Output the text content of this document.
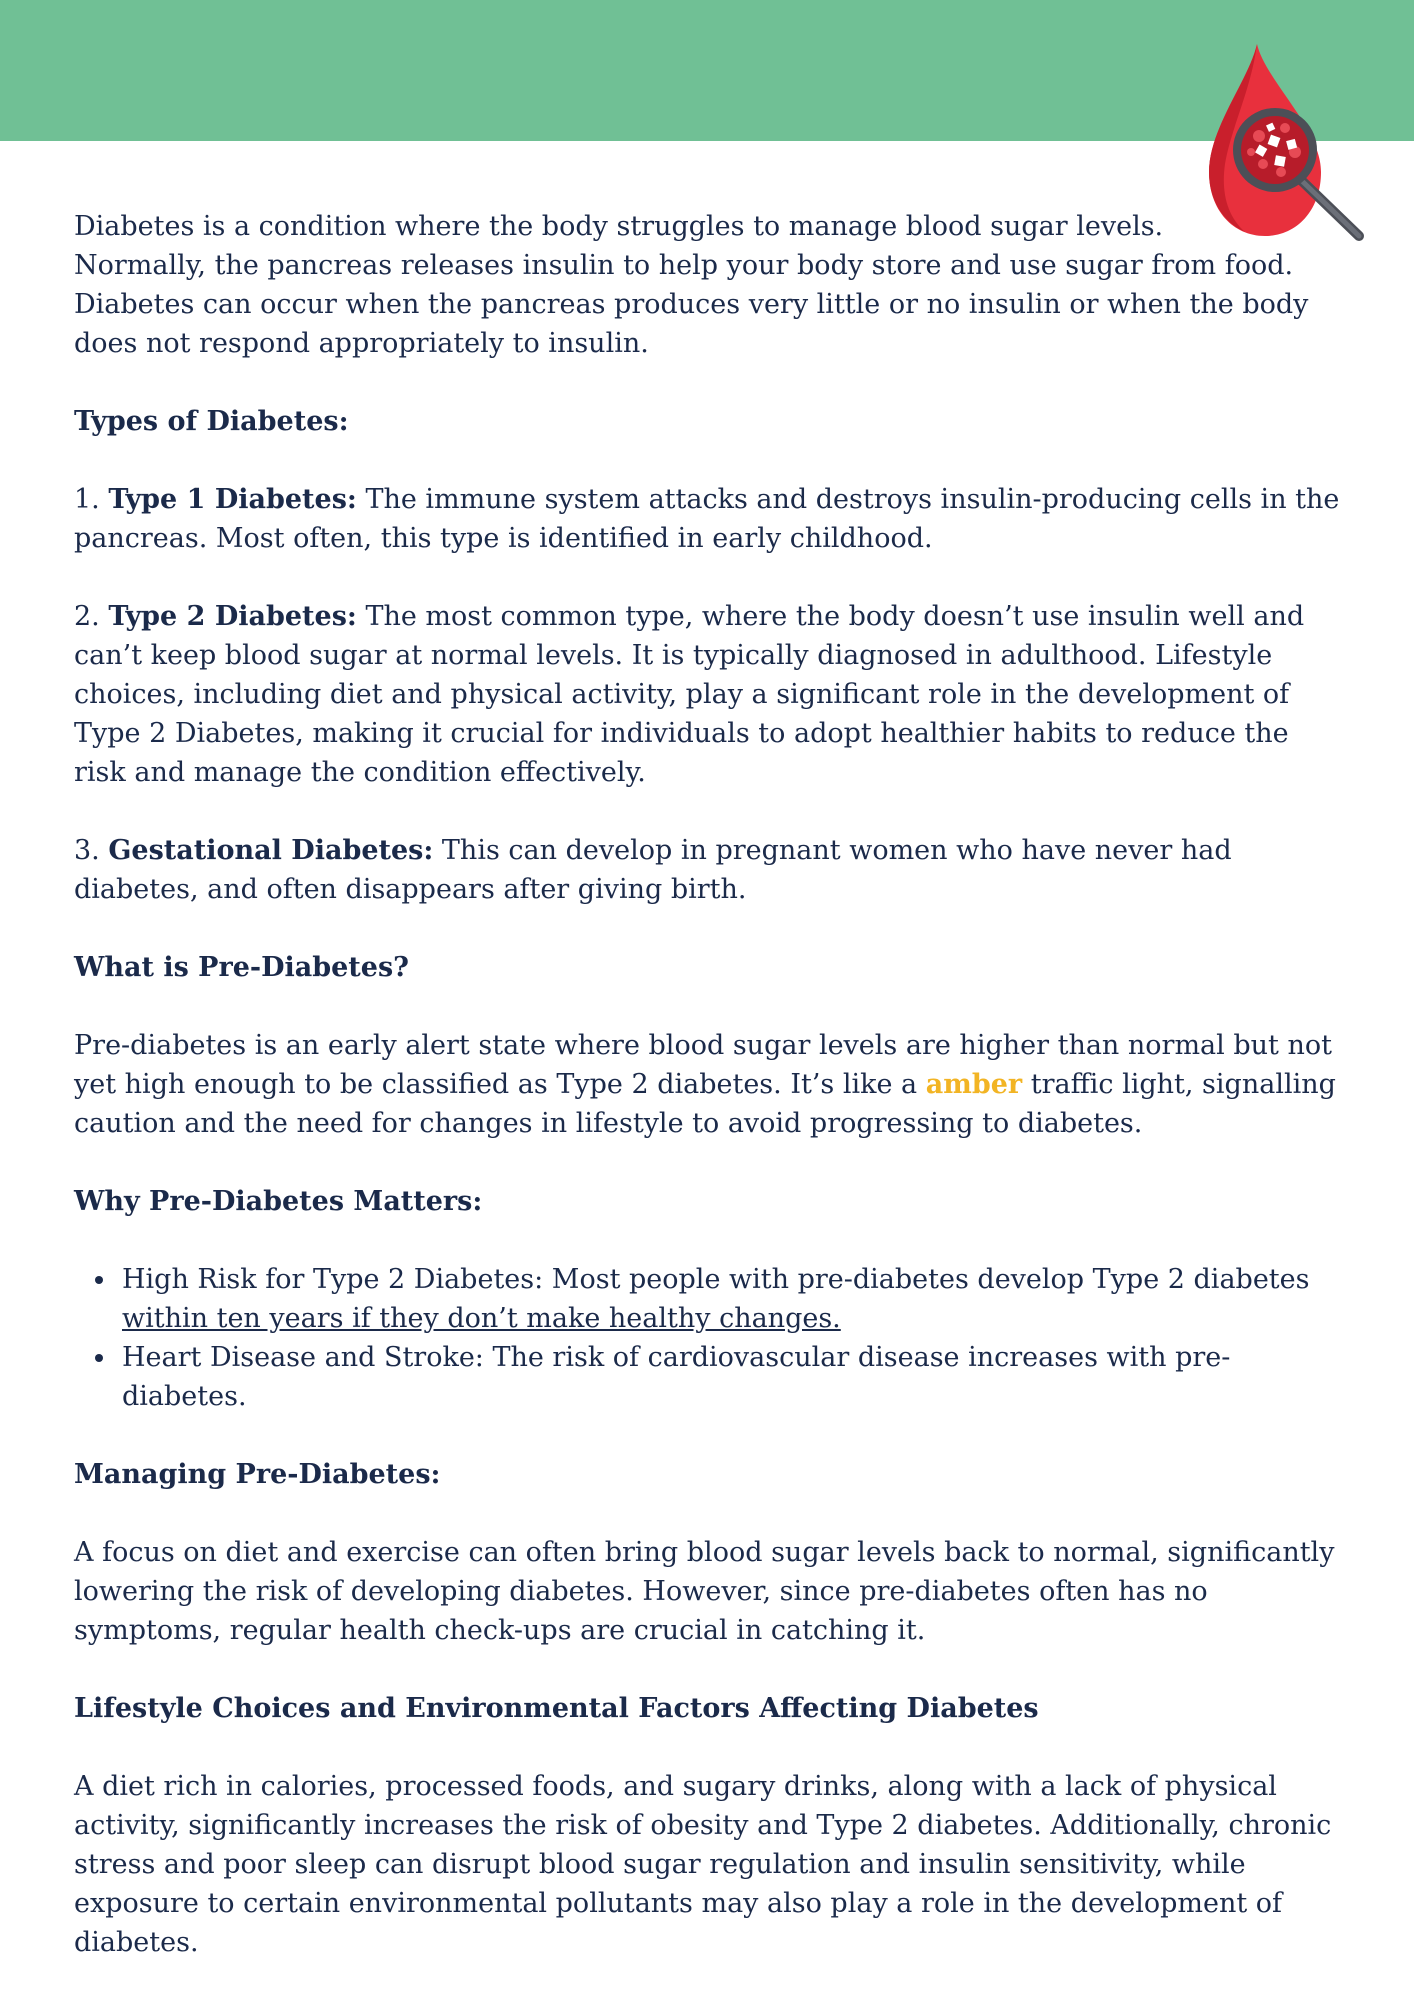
Diabetes is a condition where the body struggles to manage blood sugar levels.
Normally, the pancreas releases insulin to help your body store and use sugar from food. Diabetes can occur when the pancreas produces very little or no insulin or when the body does not respond appropriately to insulin.

Types of Diabetes:

1. Type 1 Diabetes: The immune system attacks and destroys insulin-producing cells in the pancreas. Most often, this type is identified in early childhood.

2. Type 2 Diabetes: The most common type, where the body doesn’t use insulin well and can’t keep blood sugar at normal levels. It is typically diagnosed in adulthood. Lifestyle choices, including diet and physical activity, play a significant role in the development of Type 2 Diabetes, making it crucial for individuals to adopt healthier habits to reduce the risk and manage the condition effectively.

3. Gestational Diabetes: This can develop in pregnant women who have never had diabetes, and often disappears after giving birth.

What is Pre-Diabetes?

Pre-diabetes is an early alert state where blood sugar levels are higher than normal but not yet high enough to be classified as Type 2 diabetes. It’s like a amber traffic light, signalling caution and the need for changes in lifestyle to avoid progressing to diabetes.

Why Pre-Diabetes Matters:
High Risk for Type 2 Diabetes: Most people with pre-diabetes develop Type 2 diabetes within ten years if they don’t make healthy changes.
Heart Disease and Stroke: The risk of cardiovascular disease increases with pre-diabetes.
Managing Pre-Diabetes:

A focus on diet and exercise can often bring blood sugar levels back to normal, significantly lowering the risk of developing diabetes. However, since pre-diabetes often has no symptoms, regular health check-ups are crucial in catching it.

Lifestyle Choices and Environmental Factors Affecting Diabetes

A diet rich in calories, processed foods, and sugary drinks, along with a lack of physical activity, significantly increases the risk of obesity and Type 2 diabetes. Additionally, chronic stress and poor sleep can disrupt blood sugar regulation and insulin sensitivity, while exposure to certain environmental pollutants may also play a role in the development of diabetes.
